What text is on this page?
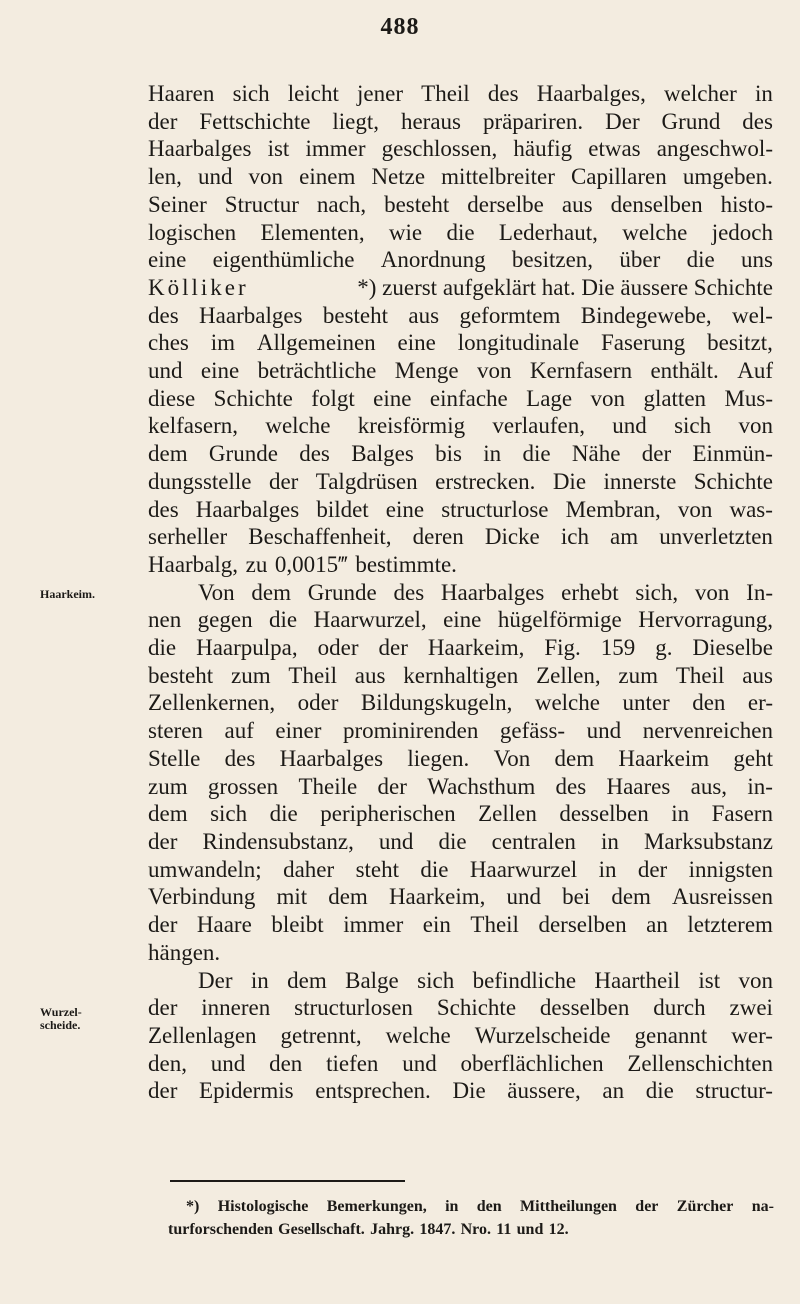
488
Haaren sich leicht jener Theil des Haarbalges, welcher in
der Fettschichte liegt, heraus präpariren. Der Grund des
Haarbalges ist immer geschlossen, häufig etwas angeschwol-
len, und von einem Netze mittelbreiter Capillaren umgeben.
Seiner Structur nach, besteht derselbe aus denselben histo-
logischen Elementen, wie die Lederhaut, welche jedoch
eine eigenthümliche Anordnung besitzen, über die uns
Kölliker	*) zuerst aufgeklärt hat. Die äussere Schichte
des Haarbalges besteht aus geformtem Bindegewebe, wel-
ches im Allgemeinen eine longitudinale Faserung besitzt,
und eine beträchtliche Menge von Kernfasern enthält. Auf
diese Schichte folgt eine einfache Lage von glatten Mus-
kelfasern, welche kreisförmig verlaufen, und sich von
dem Grunde des Balges bis in die Nähe der Einmün-
dungsstelle der Talgdrüsen erstrecken. Die innerste Schichte
des Haarbalges bildet eine structurlose Membran, von was-
serheller Beschaffenheit, deren Dicke ich am unverletzten
Haarbalg, zu 0,0015‴ bestimmte.
Von dem Grunde des Haarbalges erhebt sich, von In-
nen gegen die Haarwurzel, eine hügelförmige Hervorragung,
die Haarpulpa, oder der Haarkeim, Fig. 159 g. Dieselbe
besteht zum Theil aus kernhaltigen Zellen, zum Theil aus
Zellenkernen, oder Bildungskugeln, welche unter den er-
steren auf einer prominirenden gefäss- und nervenreichen
Stelle des Haarbalges liegen. Von dem Haarkeim geht
zum grossen Theile der Wachsthum des Haares aus, in-
dem sich die peripherischen Zellen desselben in Fasern
der Rindensubstanz, und die centralen in Marksubstanz
umwandeln; daher steht die Haarwurzel in der innigsten
Verbindung mit dem Haarkeim, und bei dem Ausreissen
der Haare bleibt immer ein Theil derselben an letzterem
hängen.
Der in dem Balge sich befindliche Haartheil ist von
der inneren structurlosen Schichte desselben durch zwei
Zellenlagen getrennt, welche Wurzelscheide genannt wer-
den, und den tiefen und oberflächlichen Zellenschichten
der Epidermis entsprechen. Die äussere, an die structur-
Haarkeim.
Wurzel-
scheide.
*) Histologische Bemerkungen, in den Mittheilungen der Zürcher na-
turforschenden Gesellschaft. Jahrg. 1847. Nro. 11 und 12.
